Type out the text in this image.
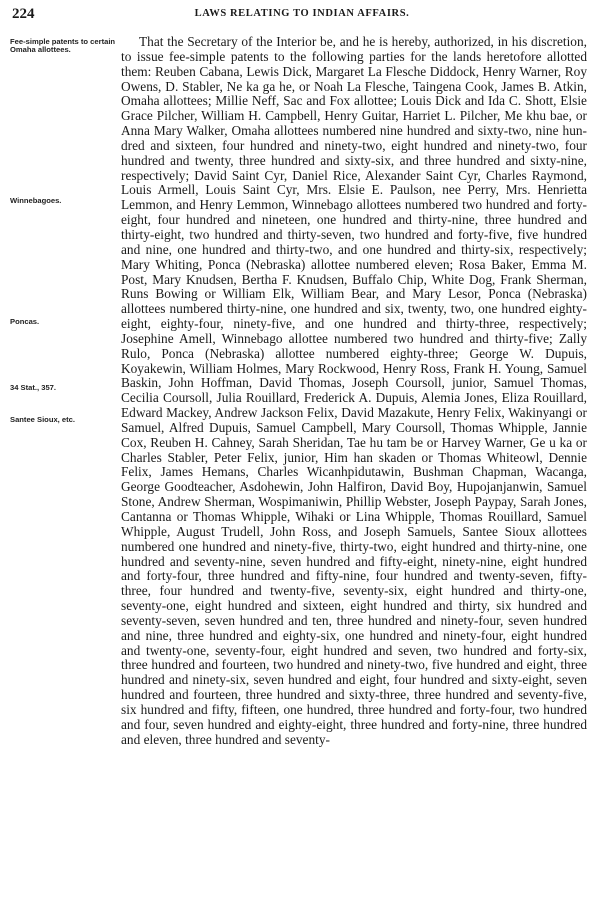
224	LAWS RELATING TO INDIAN AFFAIRS.
Fee-simple patents to certain Omaha allottees.
Winnebagoes.
Poncas.
34 Stat., 357.
Santee Sioux, etc.

That the Secretary of the Interior be, and he is hereby, authorized, in his discretion, to issue fee-simple patents to the following parties for the lands heretofore allotted them: Reuben Cabana, Lewis Dick, Margaret La Flesche Diddock, Henry Warner, Roy Owens, D. Stabler, Ne ka ga he, or Noah La Flesche, Taingena Cook, James B. Atkin, Omaha allottees; Millie Neff, Sac and Fox allottee; Louis Dick and Ida C. Shott, Elsie Grace Pilcher, William H. Campbell, Henry Guitar, Harriet L. Pilcher, Me khu bae, or Anna Mary Walker, Omaha allottees numbered nine hundred and sixty-two, nine hundred and sixteen, four hundred and ninety-two, eight hundred and ninety-two, four hundred and twenty, three hundred and sixty-six, and three hundred and sixty-nine, respectively; David Saint Cyr, Daniel Rice, Alexander Saint Cyr, Charles Raymond, Louis Armell, Louis Saint Cyr, Mrs. Elsie E. Paulson, nee Perry, Mrs. Henrietta Lemmon, and Henry Lemmon, Winnebago allottees numbered two hundred and forty-eight, four hundred and nineteen, one hundred and thirty-nine, three hundred and thirty-eight, two hundred and thirty-seven, two hundred and forty-five, five hundred and nine, one hundred and thirty-two, and one hundred and thirty-six, respectively; Mary Whiting, Ponca (Nebraska) allottee numbered eleven; Rosa Baker, Emma M. Post, Mary Knudsen, Bertha F. Knudsen, Buffalo Chip, White Dog, Frank Sherman, Runs Bowing or William Elk, William Bear, and Mary Lesor, Ponca (Nebraska) allottees numbered thirty-nine, one hundred and six, twenty, two, one hundred eighty-eight, eighty-four, ninety-five, and one hundred and thirty-three, respectively; Josephine Amell, Winnebago allottee numbered two hundred and thirty-five; Zally Rulo, Ponca (Nebraska) allottee numbered eighty-three; George W. Dupuis, Koyakewin, William Holmes, Mary Rockwood, Henry Ross, Frank H. Young, Samuel Baskin, John Hoffman, David Thomas, Joseph Coursoll, junior, Samuel Thomas, Cecilia Coursoll, Julia Rouillard, Frederick A. Dupuis, Alemia Jones, Eliza Rouillard, Edward Mackey, Andrew Jackson Felix, David Mazakute, Henry Felix, Wakinyangi or Samuel, Alfred Dupuis, Samuel Campbell, Mary Coursoll, Thomas Whipple, Jannie Cox, Reuben H. Cahney, Sarah Sheridan, Tae hu tam be or Harvey Warner, Ge u ka or Charles Stabler, Peter Felix, junior, Him han skaden or Thomas Whiteowl, Dennie Felix, James Hemans, Charles Wicanhpidutawin, Bushman Chapman, Wacanga, George Goodteacher, Asdohewin, John Halfiron, David Boy, Hupojanjanwin, Samuel Stone, Andrew Sherman, Wospimaniwin, Phillip Webster, Joseph Paypay, Sarah Jones, Cantanna or Thomas Whipple, Wihaki or Lina Whipple, Thomas Rouillard, Samuel Whipple, August Trudell, John Ross, and Joseph Samuels, Santee Sioux allottees numbered one hundred and ninety-five, thirty-two, eight hundred and thirty-nine, one hundred and seventy-nine, seven hundred and fifty-eight, ninety-nine, eight hundred and forty-four, three hundred and fifty-nine, four hundred and twenty-seven, fifty-three, four hundred and twenty-five, seventy-six, eight hundred and thirty-one, seventy-one, eight hundred and sixteen, eight hundred and thirty, six hundred and seventy-seven, seven hundred and ten, three hundred and ninety-four, seven hundred and nine, three hundred and eighty-six, one hundred and ninety-four, eight hundred and twenty-one, seventy-four, eight hundred and seven, two hundred and forty-six, three hundred and fourteen, two hundred and ninety-two, five hundred and eight, three hundred and ninety-six, seven hundred and eight, four hundred and sixty-eight, seven hundred and fourteen, three hundred and sixty-three, three hundred and seventy-five, six hundred and fifty, fifteen, one hundred, three hundred and forty-four, two hundred and four, seven hundred and eighty-eight, three hundred and forty-nine, three hundred and eleven, three hundred and seventy-
